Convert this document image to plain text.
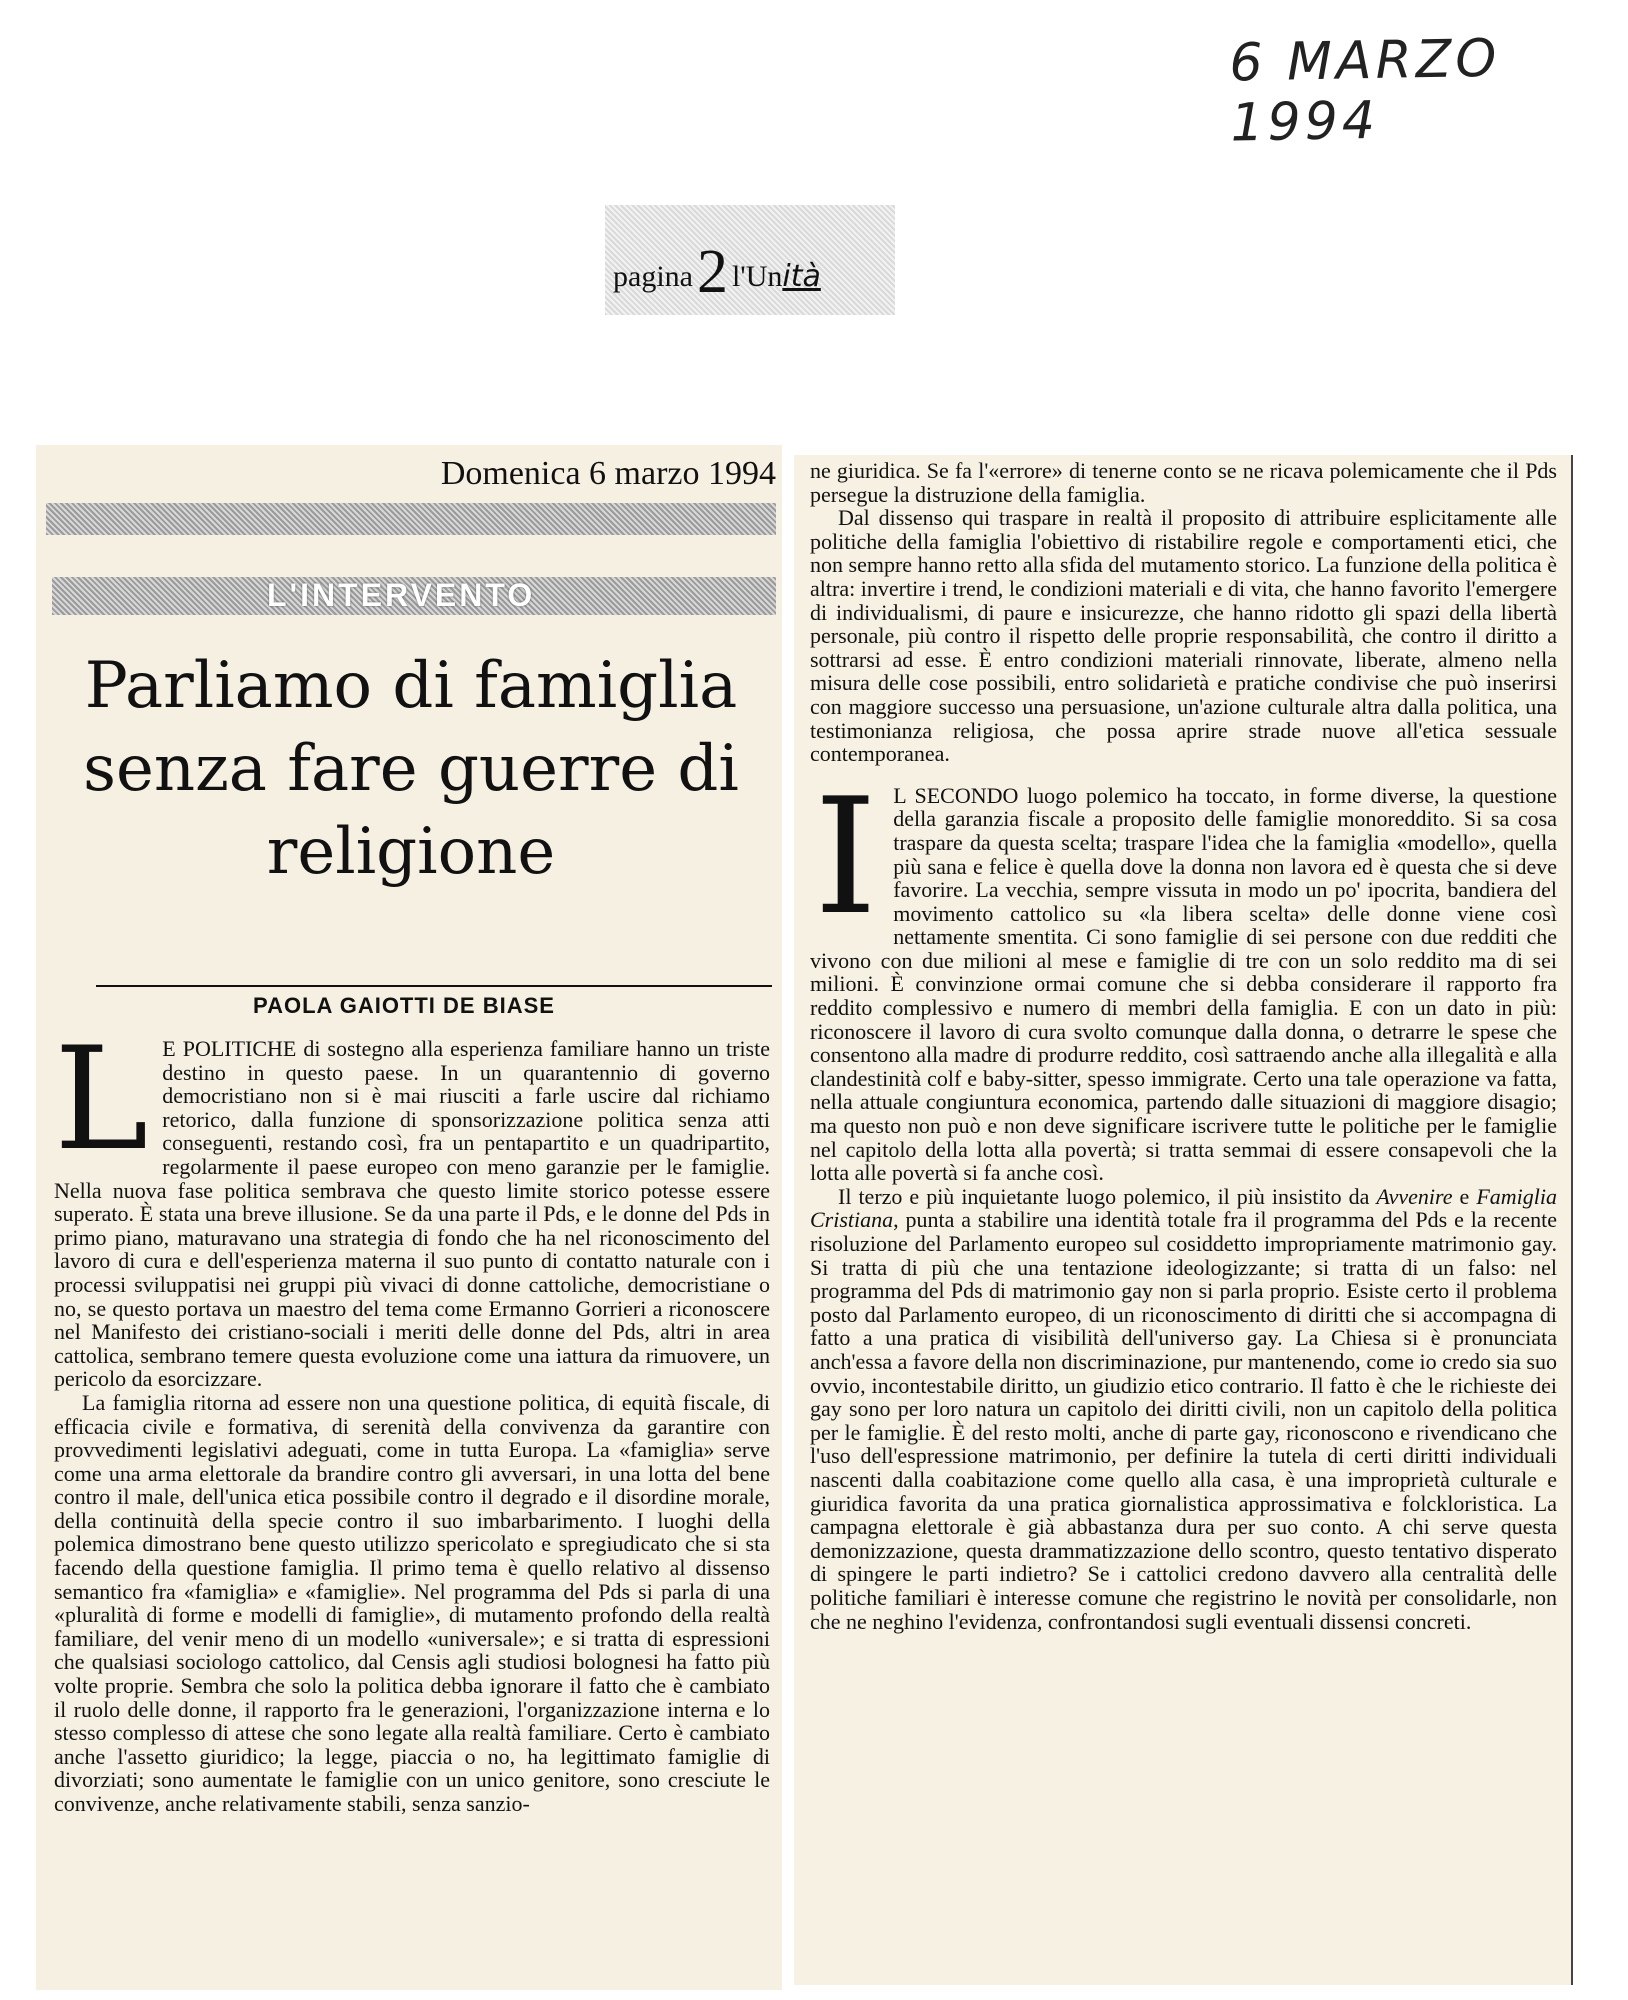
6 MARZO 1994
pagina2 l'Unità
Domenica 6 marzo 1994
L'INTERVENTO
Parliamo di famiglia senza fare guerre di religione
PAOLA GAIOTTI DE BIASE

L E POLITICHE di sostegno alla esperienza familiare hanno un triste destino in questo paese. In un quarantennio di governo democristiano non si è mai riusciti a farle uscire dal richiamo retorico, dalla funzione di sponsorizzazione politica senza atti conseguenti, restando così, fra un pentapartito e un quadripartito, regolarmente il paese europeo con meno garanzie per le famiglie. Nella nuova fase politica sembrava che questo limite storico potesse essere superato. È stata una breve illusione. Se da una parte il Pds, e le donne del Pds in primo piano, maturavano una strategia di fondo che ha nel riconoscimento del lavoro di cura e dell'esperienza materna il suo punto di contatto naturale con i processi sviluppatisi nei gruppi più vivaci di donne cattoliche, democristiane o no, se questo portava un maestro del tema come Ermanno Gorrieri a riconoscere nel Manifesto dei cristiano-sociali i meriti delle donne del Pds, altri in area cattolica, sembrano temere questa evoluzione come una iattura da rimuovere, un pericolo da esorcizzare.

La famiglia ritorna ad essere non una questione politica, di equità fiscale, di efficacia civile e formativa, di serenità della convivenza da garantire con provvedimenti legislativi adeguati, come in tutta Europa. La «famiglia» serve come una arma elettorale da brandire contro gli avversari, in una lotta del bene contro il male, dell'unica etica possibile contro il degrado e il disordine morale, della continuità della specie contro il suo imbarbarimento. I luoghi della polemica dimostrano bene questo utilizzo spericolato e spregiudicato che si sta facendo della questione famiglia. Il primo tema è quello relativo al dissenso semantico fra «famiglia» e «famiglie». Nel programma del Pds si parla di una «pluralità di forme e modelli di famiglie», di mutamento profondo della realtà familiare, del venir meno di un modello «universale»; e si tratta di espressioni che qualsiasi sociologo cattolico, dal Censis agli studiosi bolognesi ha fatto più volte proprie. Sembra che solo la politica debba ignorare il fatto che è cambiato il ruolo delle donne, il rapporto fra le generazioni, l'organizzazione interna e lo stesso complesso di attese che sono legate alla realtà familiare. Certo è cambiato anche l'assetto giuridico; la legge, piaccia o no, ha legittimato famiglie di divorziati; sono aumentate le famiglie con un unico genitore, sono cresciute le convivenze, anche relativamente stabili, senza sanzio-

ne giuridica. Se fa l'«errore» di tenerne conto se ne ricava polemicamente che il Pds persegue la distruzione della famiglia.

Dal dissenso qui traspare in realtà il proposito di attribuire esplicitamente alle politiche della famiglia l'obiettivo di ristabilire regole e comportamenti etici, che non sempre hanno retto alla sfida del mutamento storico. La funzione della politica è altra: invertire i trend, le condizioni materiali e di vita, che hanno favorito l'emergere di individualismi, di paure e insicurezze, che hanno ridotto gli spazi della libertà personale, più contro il rispetto delle proprie responsabilità, che contro il diritto a sottrarsi ad esse. È entro condizioni materiali rinnovate, liberate, almeno nella misura delle cose possibili, entro solidarietà e pratiche condivise che può inserirsi con maggiore successo una persuasione, un'azione culturale altra dalla politica, una testimonianza religiosa, che possa aprire strade nuove all'etica sessuale contemporanea.

I L SECONDO luogo polemico ha toccato, in forme diverse, la questione della garanzia fiscale a proposito delle famiglie monoreddito. Si sa cosa traspare da questa scelta; traspare l'idea che la famiglia «modello», quella più sana e felice è quella dove la donna non lavora ed è questa che si deve favorire. La vecchia, sempre vissuta in modo un po' ipocrita, bandiera del movimento cattolico su «la libera scelta» delle donne viene così nettamente smentita. Ci sono famiglie di sei persone con due redditi che vivono con due milioni al mese e famiglie di tre con un solo reddito ma di sei milioni. È convinzione ormai comune che si debba considerare il rapporto fra reddito complessivo e numero di membri della famiglia. E con un dato in più: riconoscere il lavoro di cura svolto comunque dalla donna, o detrarre le spese che consentono alla madre di produrre reddito, così sattraendo anche alla illegalità e alla clandestinità colf e baby-sitter, spesso immigrate. Certo una tale operazione va fatta, nella attuale congiuntura economica, partendo dalle situazioni di maggiore disagio; ma questo non può e non deve significare iscrivere tutte le politiche per le famiglie nel capitolo della lotta alla povertà; si tratta semmai di essere consapevoli che la lotta alle povertà si fa anche così.

Il terzo e più inquietante luogo polemico, il più insistito da Avvenire e Famiglia Cristiana, punta a stabilire una identità totale fra il programma del Pds e la recente risoluzione del Parlamento europeo sul cosiddetto impropriamente matrimonio gay. Si tratta di più che una tentazione ideologizzante; si tratta di un falso: nel programma del Pds di matrimonio gay non si parla proprio. Esiste certo il problema posto dal Parlamento europeo, di un riconoscimento di diritti che si accompagna di fatto a una pratica di visibilità dell'universo gay. La Chiesa si è pronunciata anch'essa a favore della non discriminazione, pur mantenendo, come io credo sia suo ovvio, incontestabile diritto, un giudizio etico contrario. Il fatto è che le richieste dei gay sono per loro natura un capitolo dei diritti civili, non un capitolo della politica per le famiglie. È del resto molti, anche di parte gay, riconoscono e rivendicano che l'uso dell'espressione matrimonio, per definire la tutela di certi diritti individuali nascenti dalla coabitazione come quello alla casa, è una improprietà culturale e giuridica favorita da una pratica giornalistica approssimativa e folckloristica. La campagna elettorale è già abbastanza dura per suo conto. A chi serve questa demonizzazione, questa drammatizzazione dello scontro, questo tentativo disperato di spingere le parti indietro? Se i cattolici credono davvero alla centralità delle politiche familiari è interesse comune che registrino le novità per consolidarle, non che ne neghino l'evidenza, confrontandosi sugli eventuali dissensi concreti.
